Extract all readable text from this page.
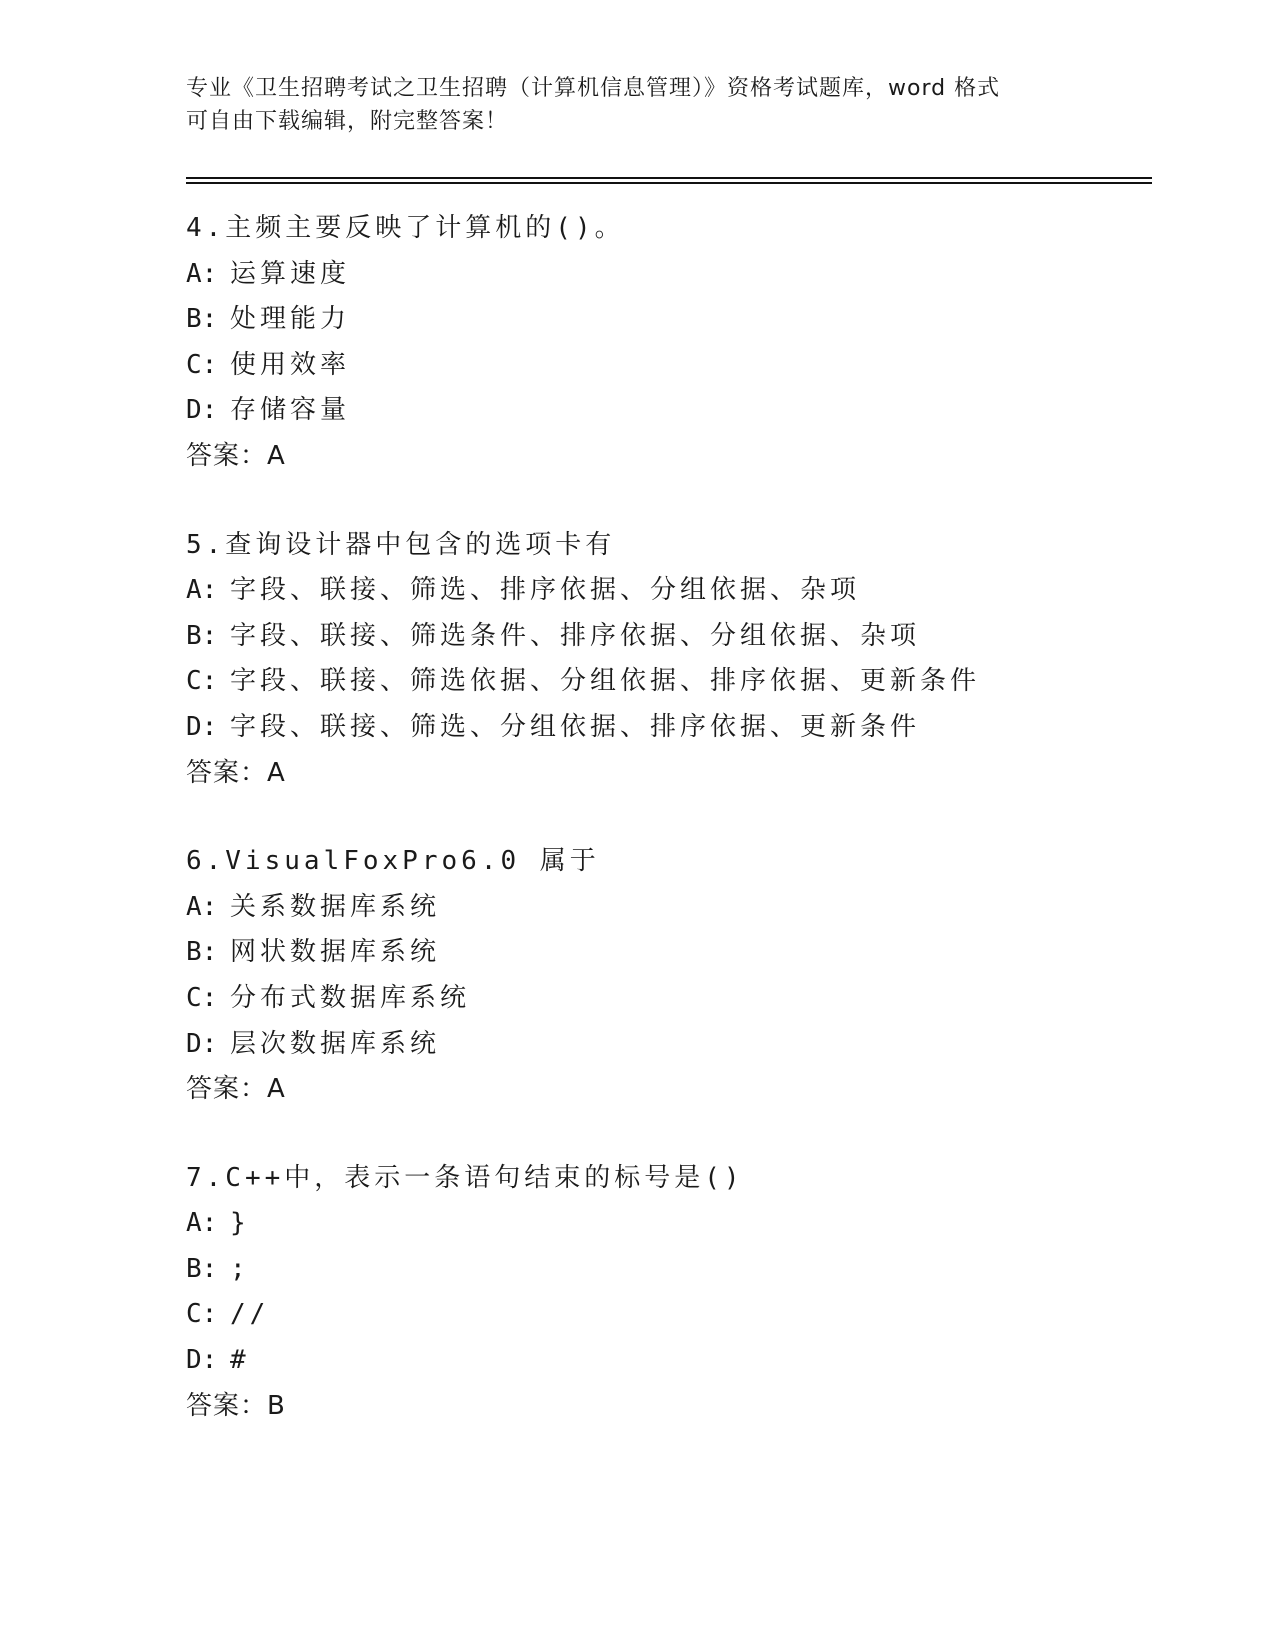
专业《卫生招聘考试之卫生招聘（计算机信息管理）》资格考试题库，word 格式
可自由下载编辑，附完整答案！
4.主频主要反映了计算机的()。
A: 运算速度
B: 处理能力
C: 使用效率
D: 存储容量
答案：A
5.查询设计器中包含的选项卡有
A: 字段、联接、筛选、排序依据、分组依据、杂项
B: 字段、联接、筛选条件、排序依据、分组依据、杂项
C: 字段、联接、筛选依据、分组依据、排序依据、更新条件
D: 字段、联接、筛选、分组依据、排序依据、更新条件
答案：A
6.VisualFoxPro6.0 属于
A: 关系数据库系统
B: 网状数据库系统
C: 分布式数据库系统
D: 层次数据库系统
答案：A
7.C++中，表示一条语句结束的标号是()
A: }
B: ;
C: //
D: #
答案：B
